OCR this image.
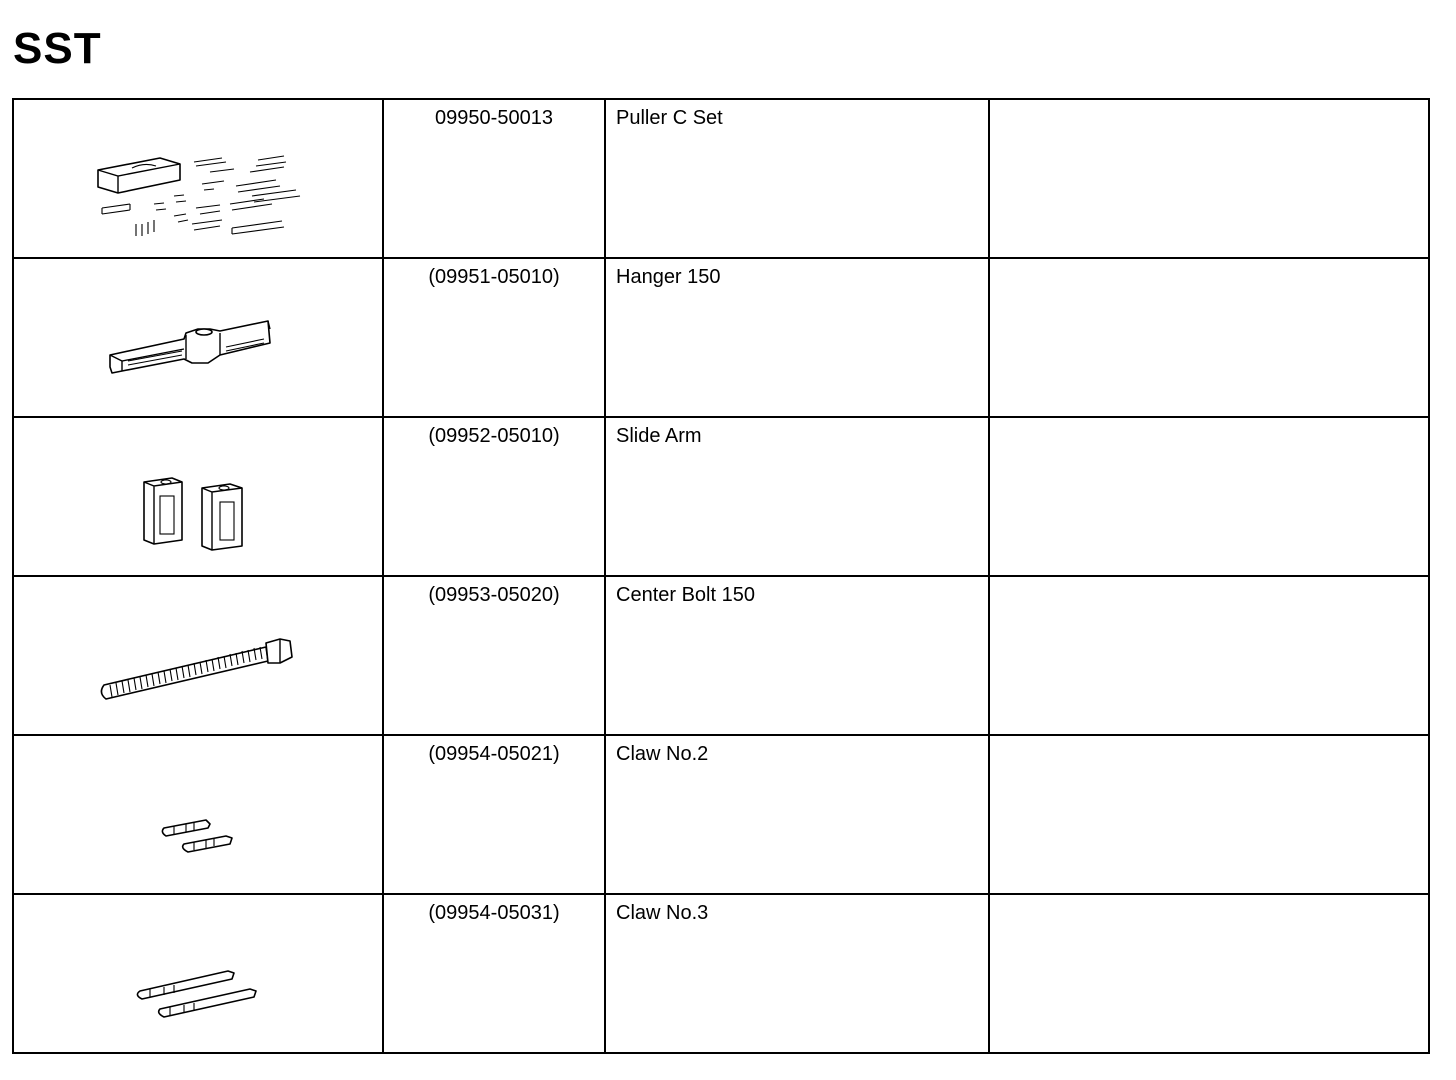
SST

09950-50013	Puller C Set	

(09951-05010)	Hanger 150	

(09952-05010)	Slide Arm	

(09953-05020)	Center Bolt 150	

(09954-05021)	Claw No.2	

(09954-05031)	Claw No.3	
